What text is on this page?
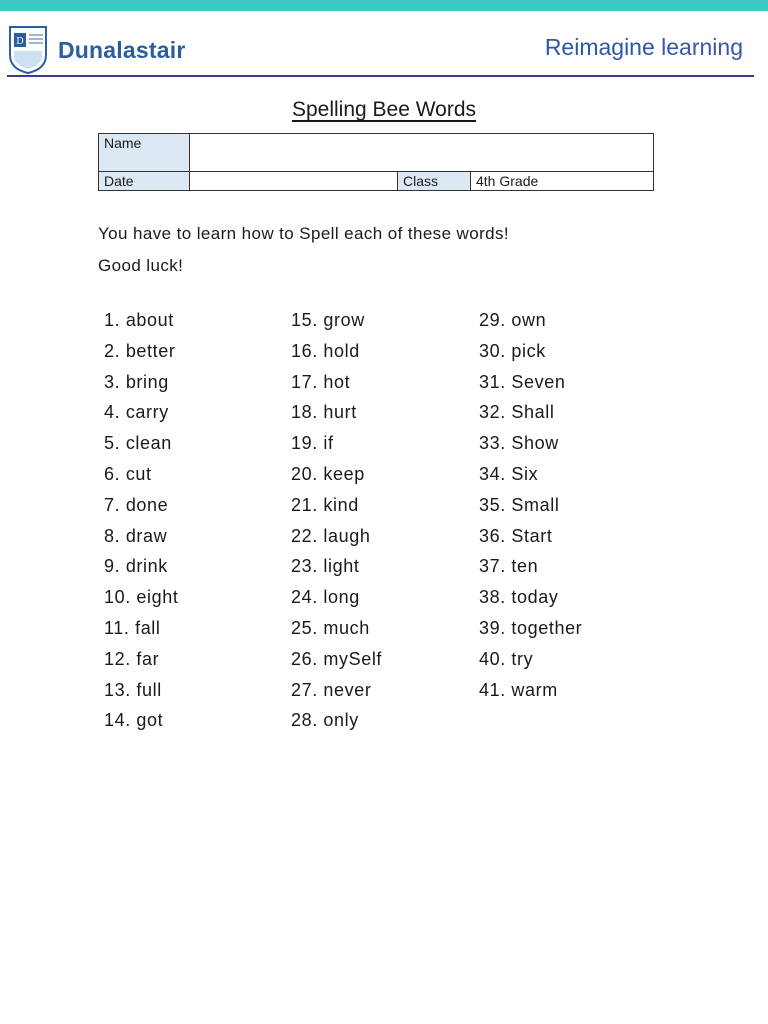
D Dunalastair	Reimagine learning
Spelling Bee Words
Name			
Date		Class	4th Grade
You have to learn how to Spell each of these words!
Good luck!
1. about
2. better
3. bring
4. carry
5. clean
6. cut
7. done
8. draw
9. drink
10. eight
11. fall
12. far
13. full
14. got
15. grow
16. hold
17. hot
18. hurt
19. if
20. keep
21. kind
22. laugh
23. light
24. long
25. much
26. mySelf
27. never
28. only
29. own
30. pick
31. Seven
32. Shall
33. Show
34. Six
35. Small
36. Start
37. ten
38. today
39. together
40. try
41. warm
